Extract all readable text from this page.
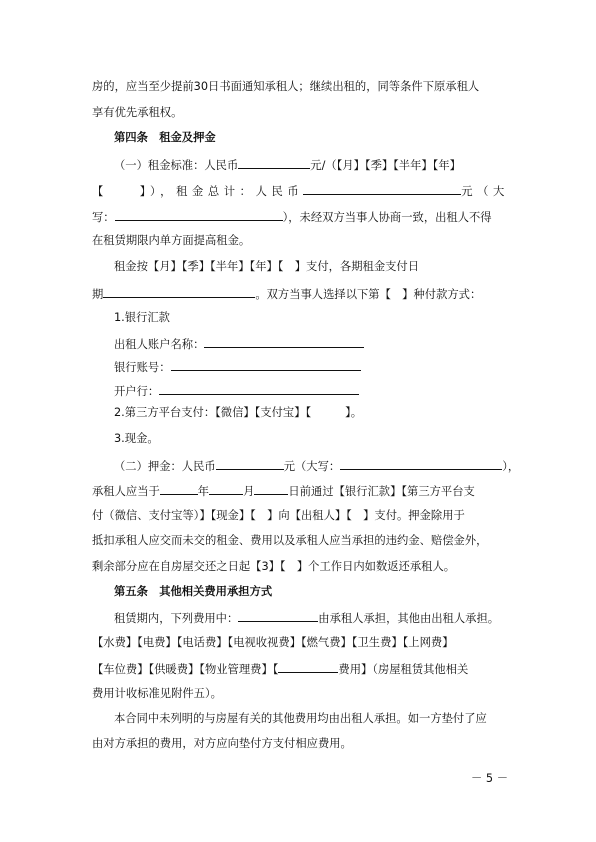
房的，应当至少提前30日书面通知承租人；继续出租的，同等条件下原承租人
享有优先承租权。
第四条　租金及押金
（一）租金标准：人民币	元/（【月】【季】【半年】【年】
【　　】），租金总计：人民币	元（大
写：	），未经双方当事人协商一致，出租人不得
在租赁期限内单方面提高租金。
租金按【月】【季】【半年】【年】【　】支付，各期租金支付日
期	。双方当事人选择以下第【　】种付款方式：
1.银行汇款
出租人账户名称：
银行账号：
开户行：
2.第三方平台支付：【微信】【支付宝】【　　　】。
3.现金。
（二）押金：人民币	元（大写：	），
承租人应当于	年	月	日前通过【银行汇款】【第三方平台支
付（微信、支付宝等）】【现金】【　】向【出租人】【　】支付。押金除用于
抵扣承租人应交而未交的租金、费用以及承租人应当承担的违约金、赔偿金外，
剩余部分应在自房屋交还之日起【3】【　】个工作日内如数返还承租人。
第五条　其他相关费用承担方式
租赁期内，下列费用中：	由承租人承担，其他由出租人承担。
【水费】【电费】【电话费】【电视收视费】【燃气费】【卫生费】【上网费】
【车位费】【供暖费】【物业管理费】【	费用】（房屋租赁其他相关
费用计收标准见附件五）。
本合同中未列明的与房屋有关的其他费用均由出租人承担。如一方垫付了应
由对方承担的费用，对方应向垫付方支付相应费用。
－ 5 －
